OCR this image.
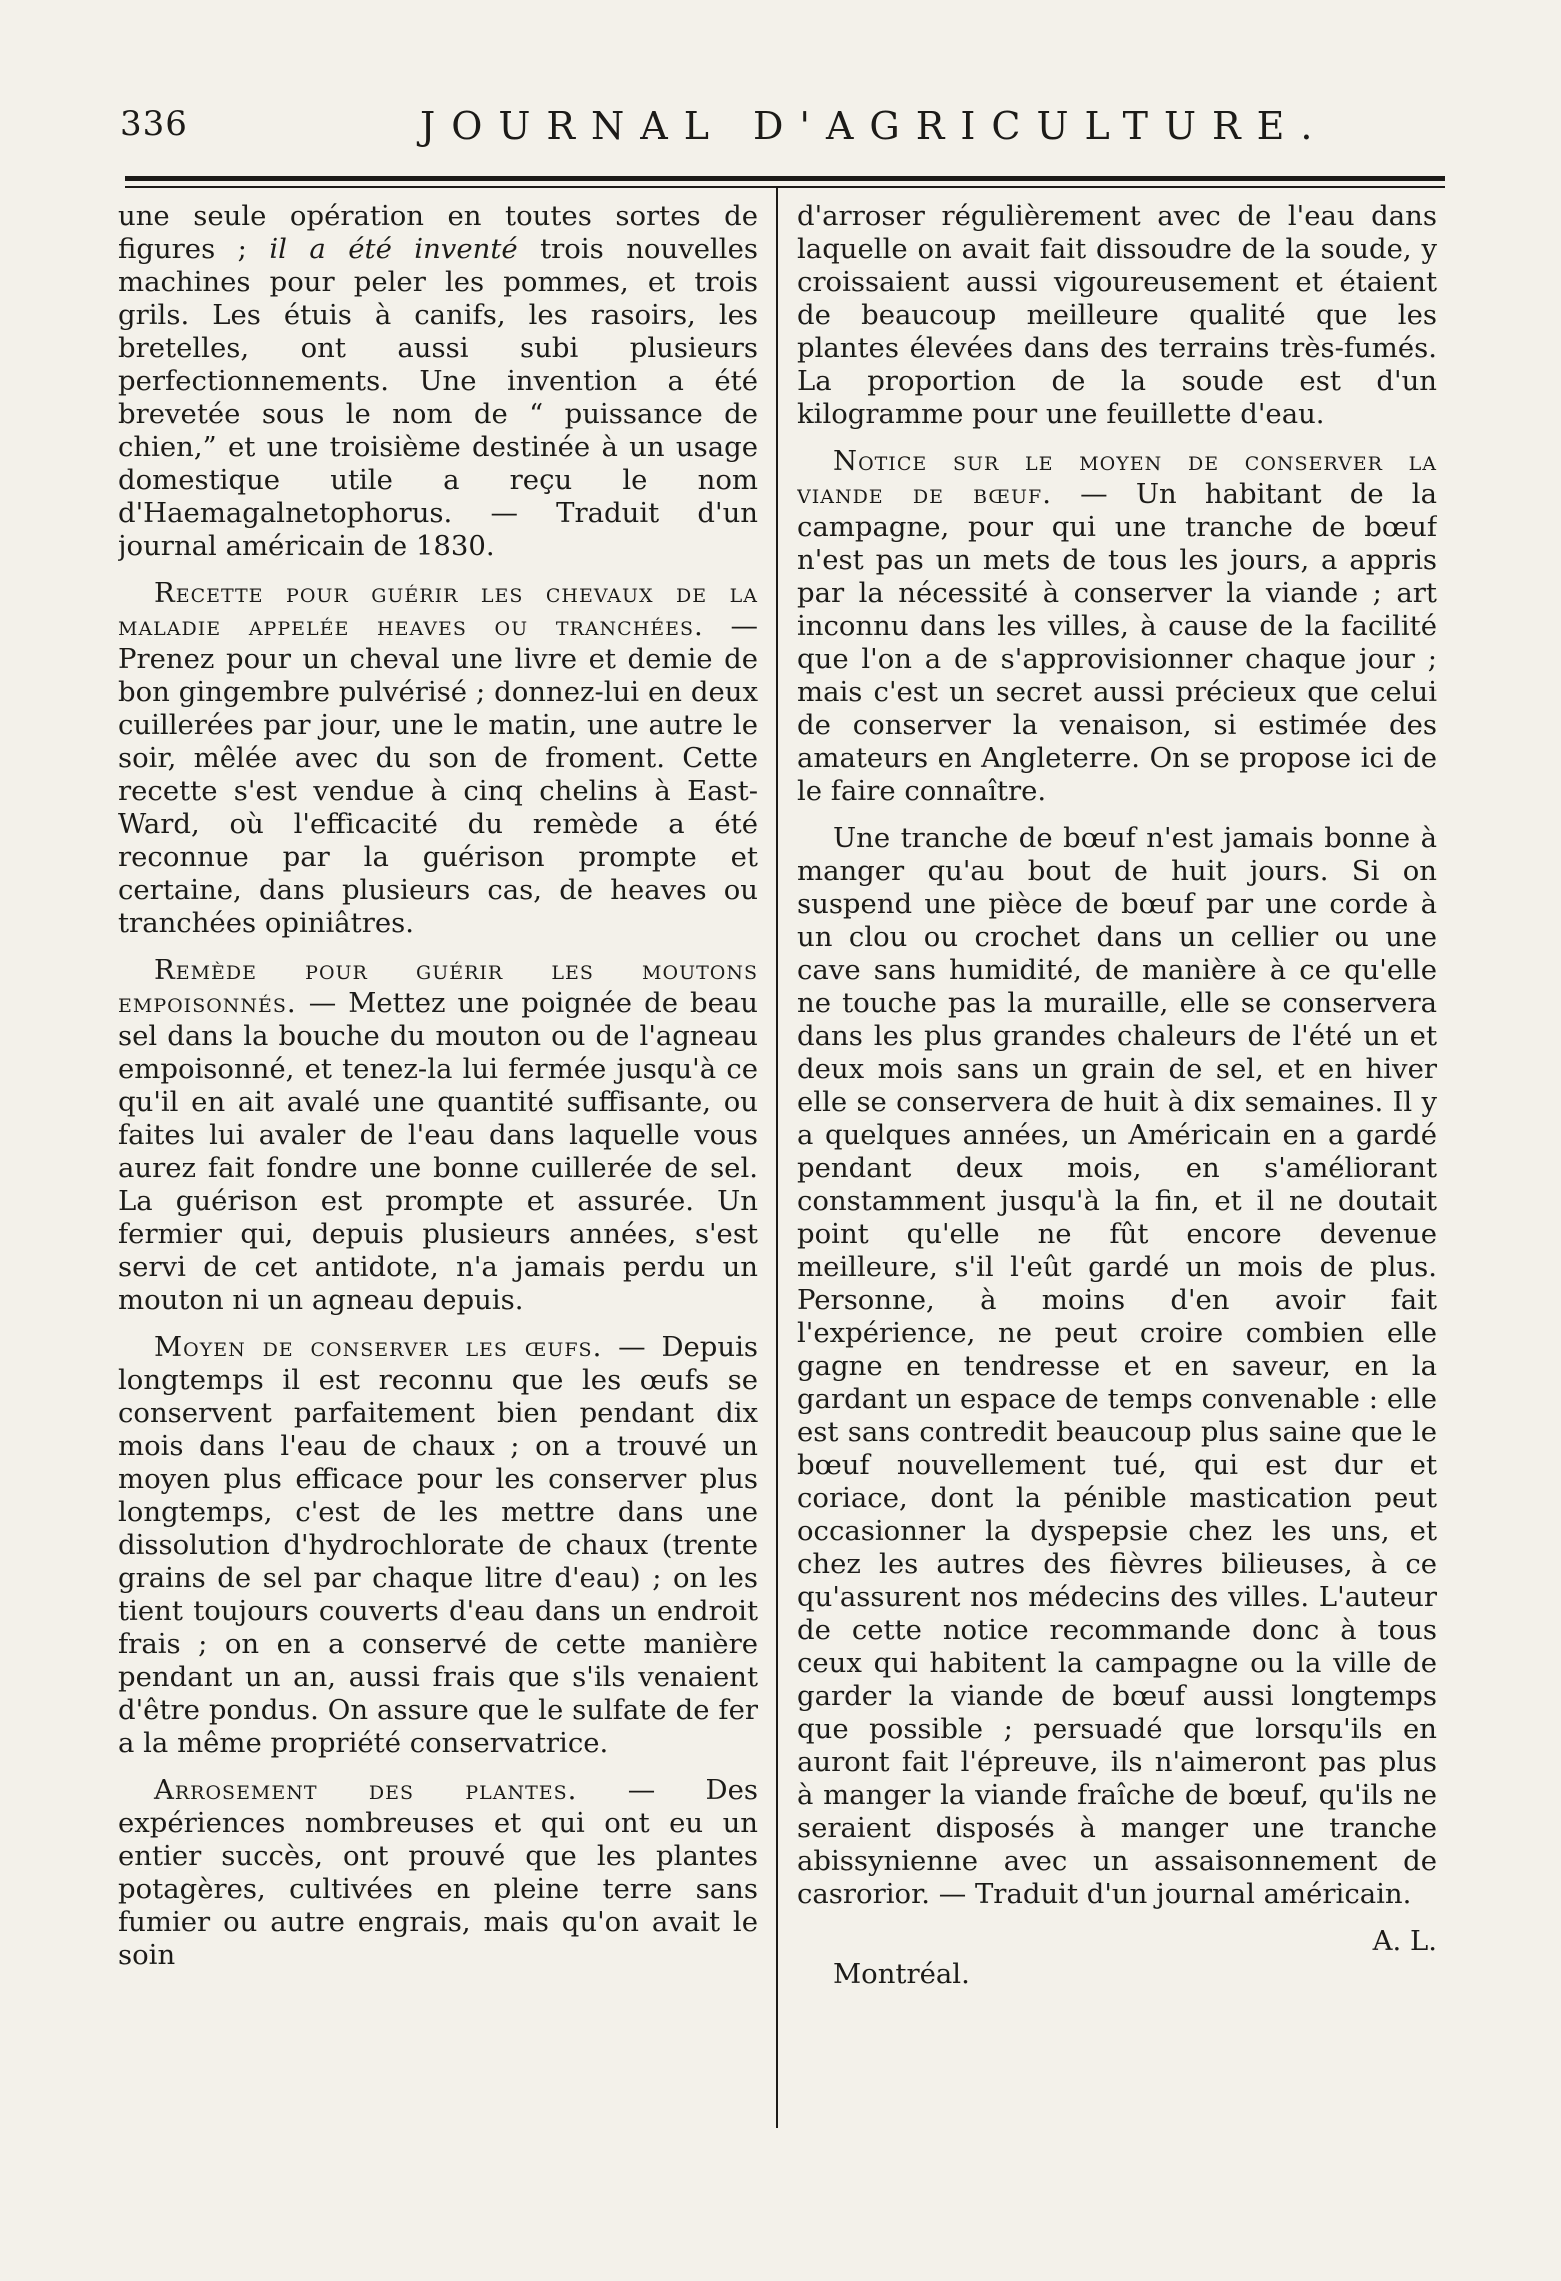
336	JOURNAL D'AGRICULTURE.

une seule opération en toutes sortes de figures ; il a été inventé trois nouvelles machines pour peler les pommes, et trois grils. Les étuis à canifs, les rasoirs, les bretelles, ont aussi subi plusieurs perfectionnements. Une invention a été brevetée sous le nom de “ puissance de chien,” et une troisième destinée à un usage domestique utile a reçu le nom d'Haemagalnetophorus. — Traduit d'un journal américain de 1830.

Recette pour guérir les chevaux de la maladie appelée heaves ou tranchées. — Prenez pour un cheval une livre et demie de bon gingembre pulvérisé ; donnez-lui en deux cuillerées par jour, une le matin, une autre le soir, mêlée avec du son de froment. Cette recette s'est vendue à cinq chelins à East-Ward, où l'efficacité du remède a été reconnue par la guérison prompte et certaine, dans plusieurs cas, de heaves ou tranchées opiniâtres.

Remède pour guérir les moutons empoisonnés. — Mettez une poignée de beau sel dans la bouche du mouton ou de l'agneau empoisonné, et tenez-la lui fermée jusqu'à ce qu'il en ait avalé une quantité suffisante, ou faites lui avaler de l'eau dans laquelle vous aurez fait fondre une bonne cuillerée de sel. La guérison est prompte et assurée. Un fermier qui, depuis plusieurs années, s'est servi de cet antidote, n'a jamais perdu un mouton ni un agneau depuis.

Moyen de conserver les œufs. — Depuis longtemps il est reconnu que les œufs se conservent parfaitement bien pendant dix mois dans l'eau de chaux ; on a trouvé un moyen plus efficace pour les conserver plus longtemps, c'est de les mettre dans une dissolution d'hydrochlorate de chaux (trente grains de sel par chaque litre d'eau) ; on les tient toujours couverts d'eau dans un endroit frais ; on en a conservé de cette manière pendant un an, aussi frais que s'ils venaient d'être pondus. On assure que le sulfate de fer a la même propriété conservatrice.

Arrosement des plantes. — Des expériences nombreuses et qui ont eu un entier succès, ont prouvé que les plantes potagères, cultivées en pleine terre sans fumier ou autre engrais, mais qu'on avait le soin

d'arroser régulièrement avec de l'eau dans laquelle on avait fait dissoudre de la soude, y croissaient aussi vigoureusement et étaient de beaucoup meilleure qualité que les plantes élevées dans des terrains très-fumés. La proportion de la soude est d'un kilogramme pour une feuillette d'eau.

Notice sur le moyen de conserver la viande de bœuf. — Un habitant de la campagne, pour qui une tranche de bœuf n'est pas un mets de tous les jours, a appris par la nécessité à conserver la viande ; art inconnu dans les villes, à cause de la facilité que l'on a de s'approvisionner chaque jour ; mais c'est un secret aussi précieux que celui de conserver la venaison, si estimée des amateurs en Angleterre. On se propose ici de le faire connaître.

Une tranche de bœuf n'est jamais bonne à manger qu'au bout de huit jours. Si on suspend une pièce de bœuf par une corde à un clou ou crochet dans un cellier ou une cave sans humidité, de manière à ce qu'elle ne touche pas la muraille, elle se conservera dans les plus grandes chaleurs de l'été un et deux mois sans un grain de sel, et en hiver elle se conservera de huit à dix semaines. Il y a quelques années, un Américain en a gardé pendant deux mois, en s'améliorant constamment jusqu'à la fin, et il ne doutait point qu'elle ne fût encore devenue meilleure, s'il l'eût gardé un mois de plus. Personne, à moins d'en avoir fait l'expérience, ne peut croire combien elle gagne en tendresse et en saveur, en la gardant un espace de temps convenable : elle est sans contredit beaucoup plus saine que le bœuf nouvellement tué, qui est dur et coriace, dont la pénible mastication peut occasionner la dyspepsie chez les uns, et chez les autres des fièvres bilieuses, à ce qu'assurent nos médecins des villes. L'auteur de cette notice recommande donc à tous ceux qui habitent la campagne ou la ville de garder la viande de bœuf aussi longtemps que possible ; persuadé que lorsqu'ils en auront fait l'épreuve, ils n'aimeront pas plus à manger la viande fraîche de bœuf, qu'ils ne seraient disposés à manger une tranche abissynienne avec un assaisonnement de casrorior. — Traduit d'un journal américain.

A. L.

Montréal.
